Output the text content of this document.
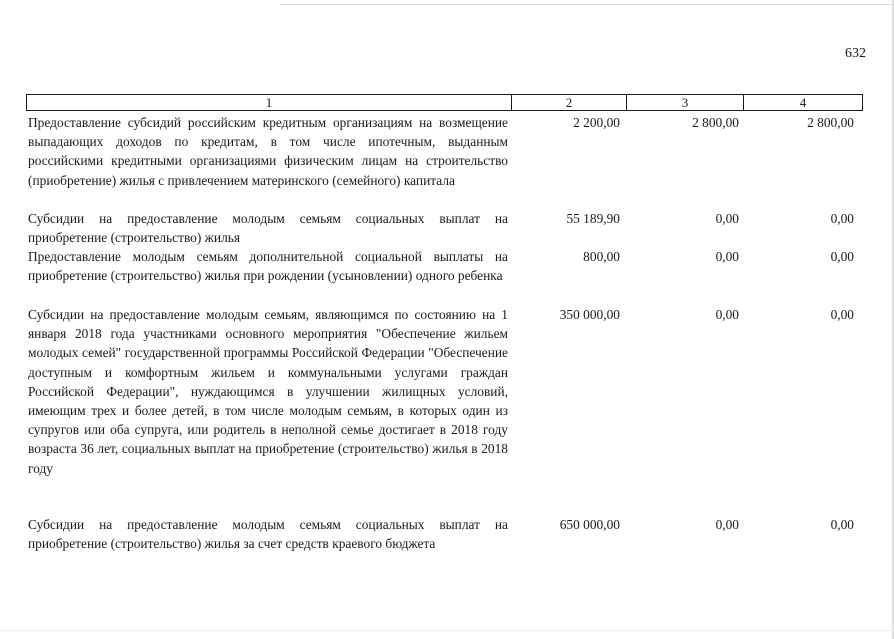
632
1	2	3	4
Предоставление субсидий российским кредитным организациям на возмещение выпадающих доходов по кредитам, в том числе ипотечным, выданным российскими кредитными организациями физическим лицам на строительство (приобретение) жилья с привлечением материнского (семейного) капитала
2 200,00	2 800,00	2 800,00
Субсидии на предоставление молодым семьям социальных выплат на приобретение (строительство) жилья
55 189,90	0,00	0,00
Предоставление молодым семьям дополнительной социальной выплаты на приобретение (строительство) жилья при рождении (усыновлении) одного ребенка
800,00	0,00	0,00
Субсидии на предоставление молодым семьям, являющимся по состоянию на 1 января 2018 года участниками основного мероприятия "Обеспечение жильем молодых семей" государственной программы Российской Федерации "Обеспечение доступным и комфортным жильем и коммунальными услугами граждан Российской Федерации", нуждающимся в улучшении жилищных условий, имеющим трех и более детей, в том числе молодым семьям, в которых один из супругов или оба супруга, или родитель в неполной семье достигает в 2018 году возраста 36 лет, социальных выплат на приобретение (строительство) жилья в 2018 году
350 000,00	0,00	0,00
Субсидии на предоставление молодым семьям социальных выплат на приобретение (строительство) жилья за счет средств краевого бюджета
650 000,00	0,00	0,00
